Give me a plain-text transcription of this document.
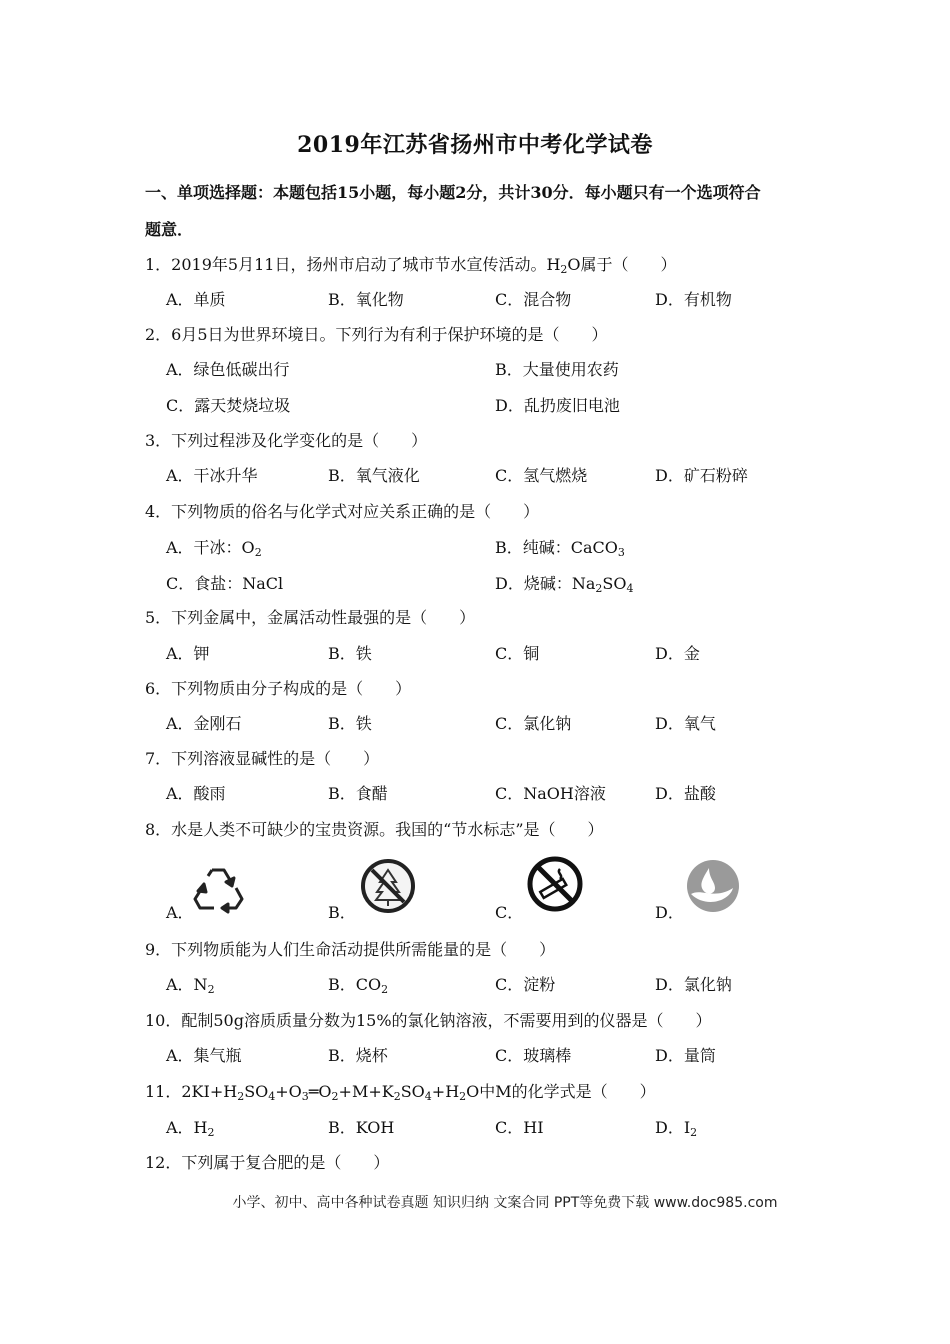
2019年江苏省扬州市中考化学试卷
一、单项选择题：本题包括15小题，每小题2分，共计30分．每小题只有一个选项符合
题意．
1．2019年5月11日，扬州市启动了城市节水宣传活动。$H_2O$属于（　　）
A．单质	B．氧化物	C．混合物	D．有机物
2．6月5日为世界环境日。下列行为有利于保护环境的是（　　）
A．绿色低碳出行	B．大量使用农药
C．露天焚烧垃圾	D．乱扔废旧电池
3．下列过程涉及化学变化的是（　　）
A．干冰升华	B．氧气液化	C．氢气燃烧	D．矿石粉碎
4．下列物质的俗名与化学式对应关系正确的是（　　）
A．干冰：$O_2$	B．纯碱：CaCO$_3$
C．食盐：NaCl	D．烧碱：$Na_2SO_4$
5．下列金属中，金属活动性最强的是（　　）
A．钾	B．铁	C．铜	D．金
6．下列物质由分子构成的是（　　）
A．金刚石	B．铁	C．氯化钠	D．氧气
7．下列溶液显碱性的是（　　）
A．酸雨	B．食醋	C．NaOH溶液	D．盐酸
8．水是人类不可缺少的宝贵资源。我国的“节水标志”是（　　）
A．	B．	C．	D．
9．下列物质能为人们生命活动提供所需能量的是（　　）
A．$N_2$	B．$CO_2$	C．淀粉	D．氯化钠
10．配制50g溶质质量分数为15%的氯化钠溶液，不需要用到的仪器是（　　）
A．集气瓶	B．烧杯	C．玻璃棒	D．量筒
11．$2KI+H_2SO_4+O_3═O_2+M+K_2SO_4+H_2O$中M的化学式是（　　）
A．$H_2$	B．KOH	C．HI	D．$I_2$
12．下列属于复合肥的是（　　）
小学、初中、高中各种试卷真题 知识归纳 文案合同 PPT等免费下载 www.doc985.com
